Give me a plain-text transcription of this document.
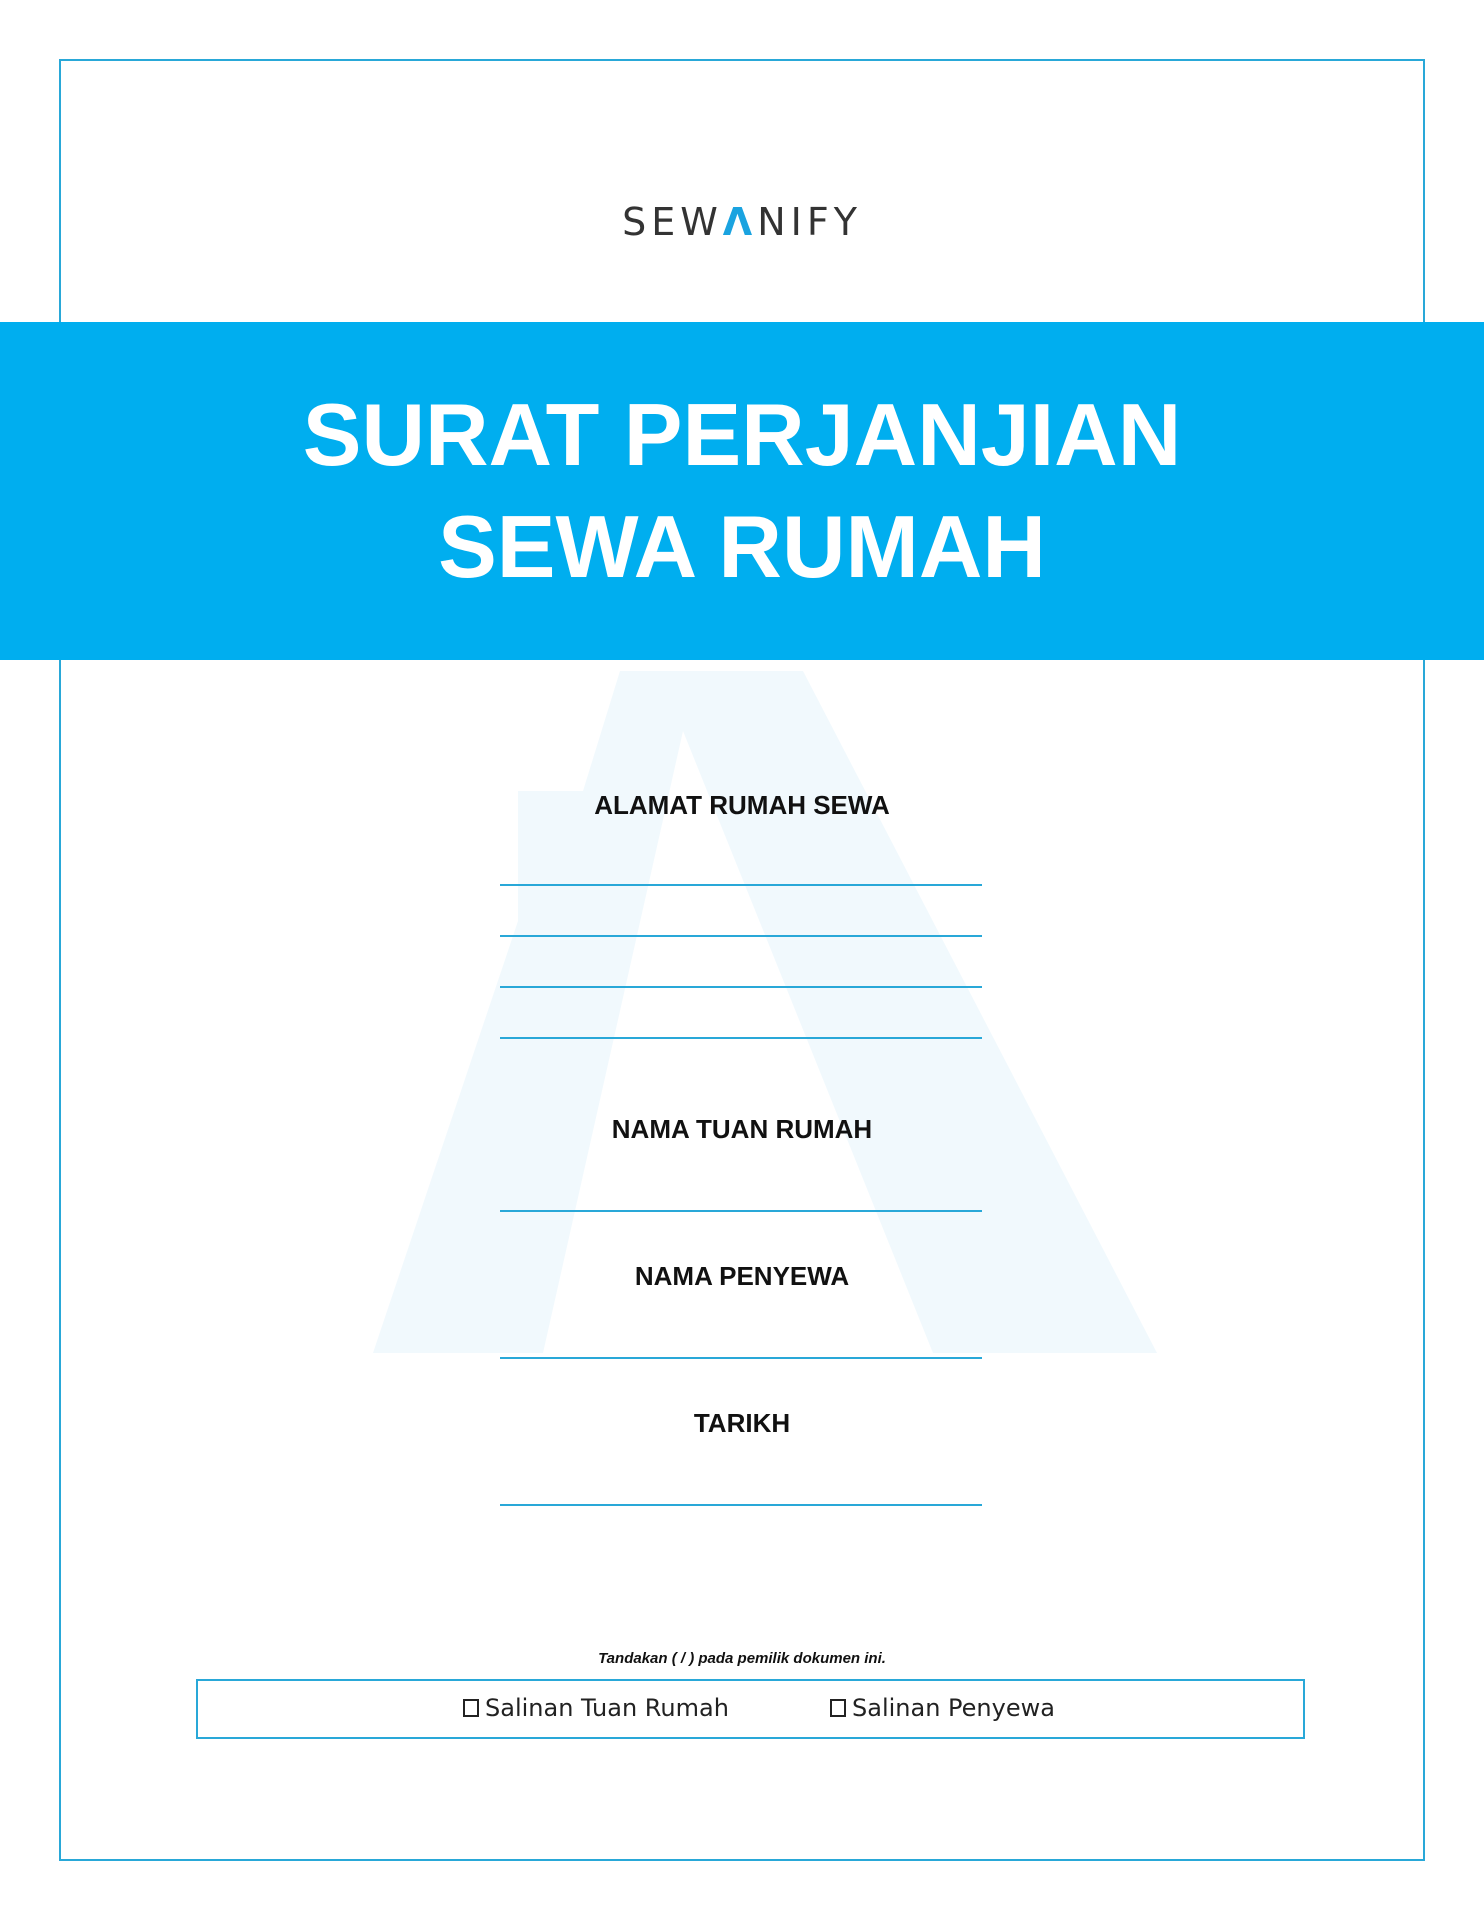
SEWΛNIFY
SURAT PERJANJIAN
SEWA RUMAH
ALAMAT RUMAH SEWA
NAMA TUAN RUMAH
NAMA PENYEWA
TARIKH
Tandakan ( / ) pada pemilik dokumen ini.
Salinan Tuan Rumah	Salinan Penyewa
